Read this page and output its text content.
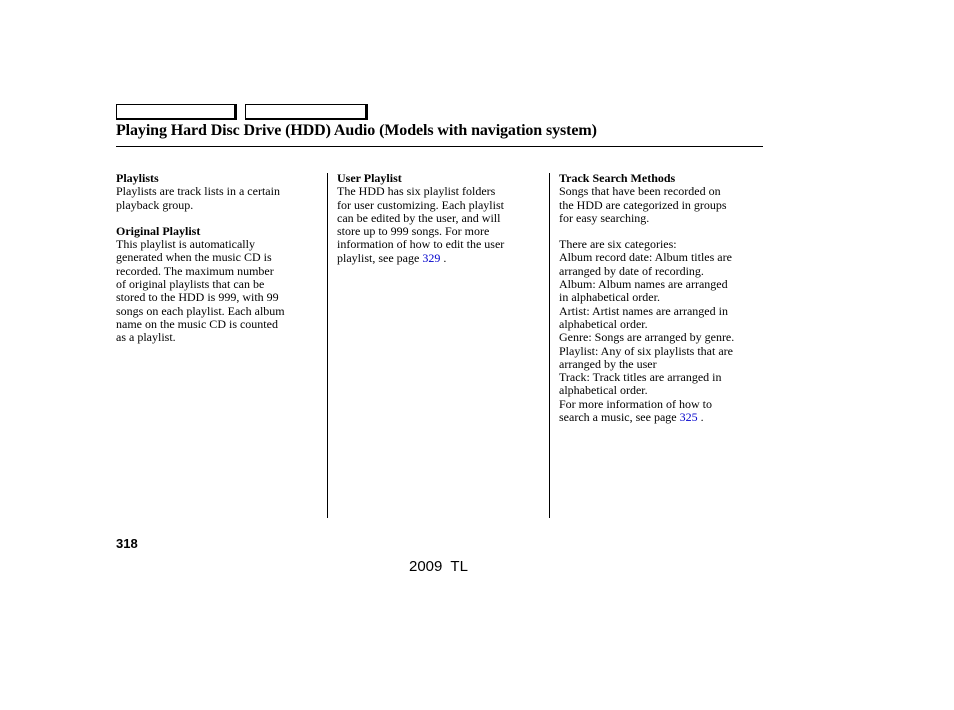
Playing Hard Disc Drive (HDD) Audio (Models with navigation system)
Playlists
Playlists are track lists in a certain
playback group.
Original Playlist
This playlist is automatically
generated when the music CD is
recorded. The maximum number
of original playlists that can be
stored to the HDD is 999, with 99
songs on each playlist. Each album
name on the music CD is counted
as a playlist.
User Playlist
The HDD has six playlist folders
for user customizing. Each playlist
can be edited by the user, and will
store up to 999 songs. For more
information of how to edit the user
playlist, see page 329 .
Track Search Methods
Songs that have been recorded on
the HDD are categorized in groups
for easy searching.
There are six categories:
Album record date: Album titles are
arranged by date of recording.
Album: Album names are arranged
in alphabetical order.
Artist: Artist names are arranged in
alphabetical order.
Genre: Songs are arranged by genre.
Playlist: Any of six playlists that are
arranged by the user
Track: Track titles are arranged in
alphabetical order.
For more information of how to
search a music, see page 325 .
318
2009  TL
